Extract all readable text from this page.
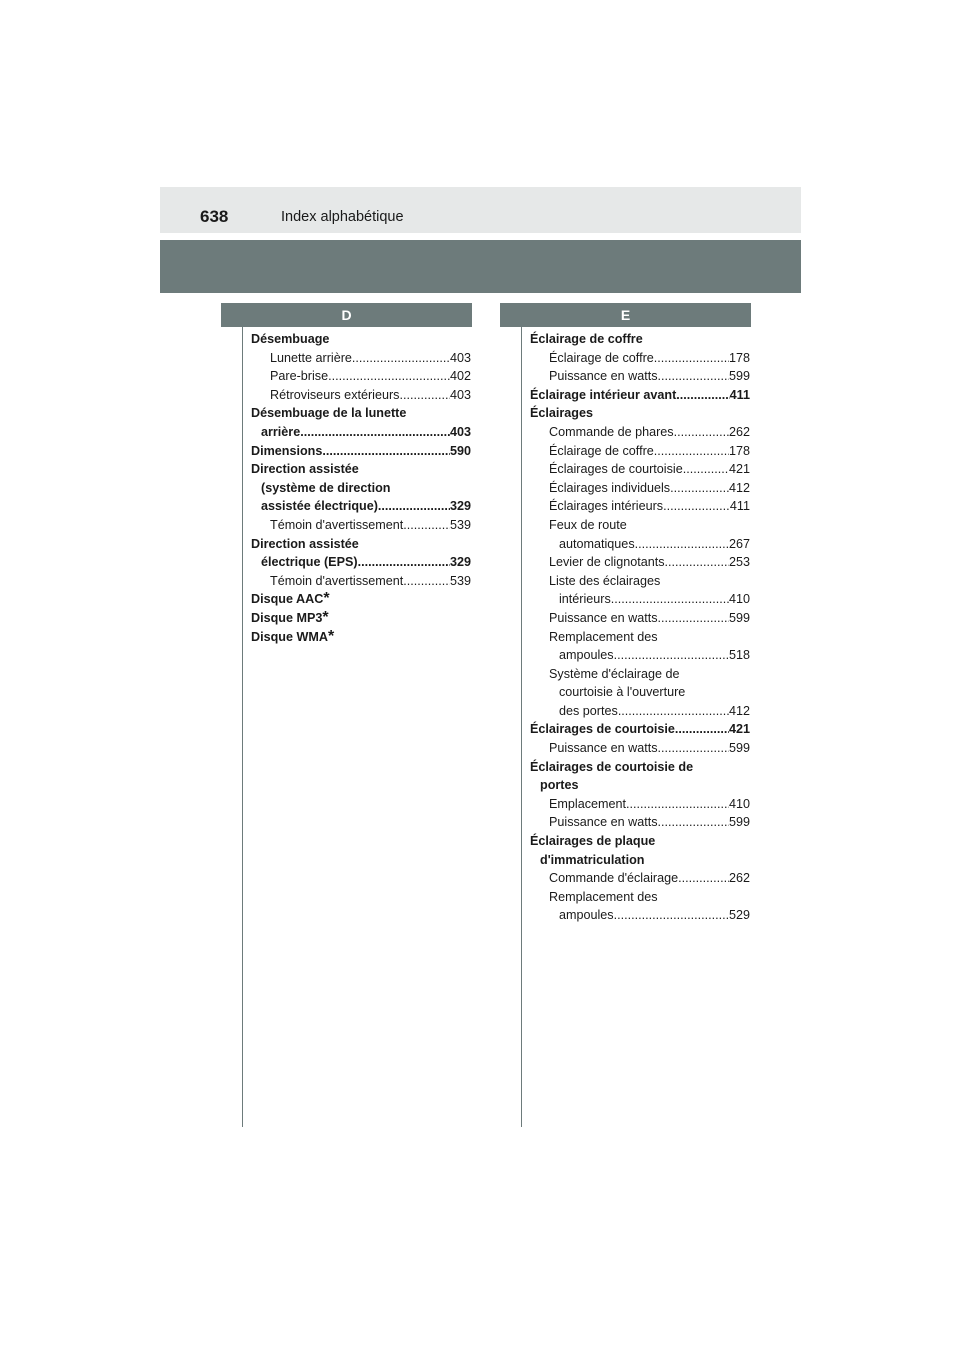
638	Index alphabétique
D	E
Désembuage
Lunette arrière .....	403
Pare-brise .....	402
Rétroviseurs extérieurs .....	403
Désembuage de la lunette
arrière .....	403
Dimensions .....	590
Direction assistée
(système de direction
assistée électrique) .....	329
Témoin d'avertissement .....	539
Direction assistée
électrique (EPS) .....	329
Témoin d'avertissement .....	539
Disque AAC *
Disque MP3 *
Disque WMA *
Éclairage de coffre
Éclairage de coffre .....	178
Puissance en watts .....	599
Éclairage intérieur avant .....	411
Éclairages
Commande de phares .....	262
Éclairage de coffre .....	178
Éclairages de courtoisie .....	421
Éclairages individuels .....	412
Éclairages intérieurs .....	411
Feux de route
automatiques .....	267
Levier de clignotants .....	253
Liste des éclairages
intérieurs .....	410
Puissance en watts .....	599
Remplacement des
ampoules .....	518
Système d'éclairage de
courtoisie à l'ouverture
des portes .....	412
Éclairages de courtoisie .....	421
Puissance en watts .....	599
Éclairages de courtoisie de
portes
Emplacement .....	410
Puissance en watts .....	599
Éclairages de plaque
d'immatriculation
Commande d'éclairage .....	262
Remplacement des
ampoules .....	529
